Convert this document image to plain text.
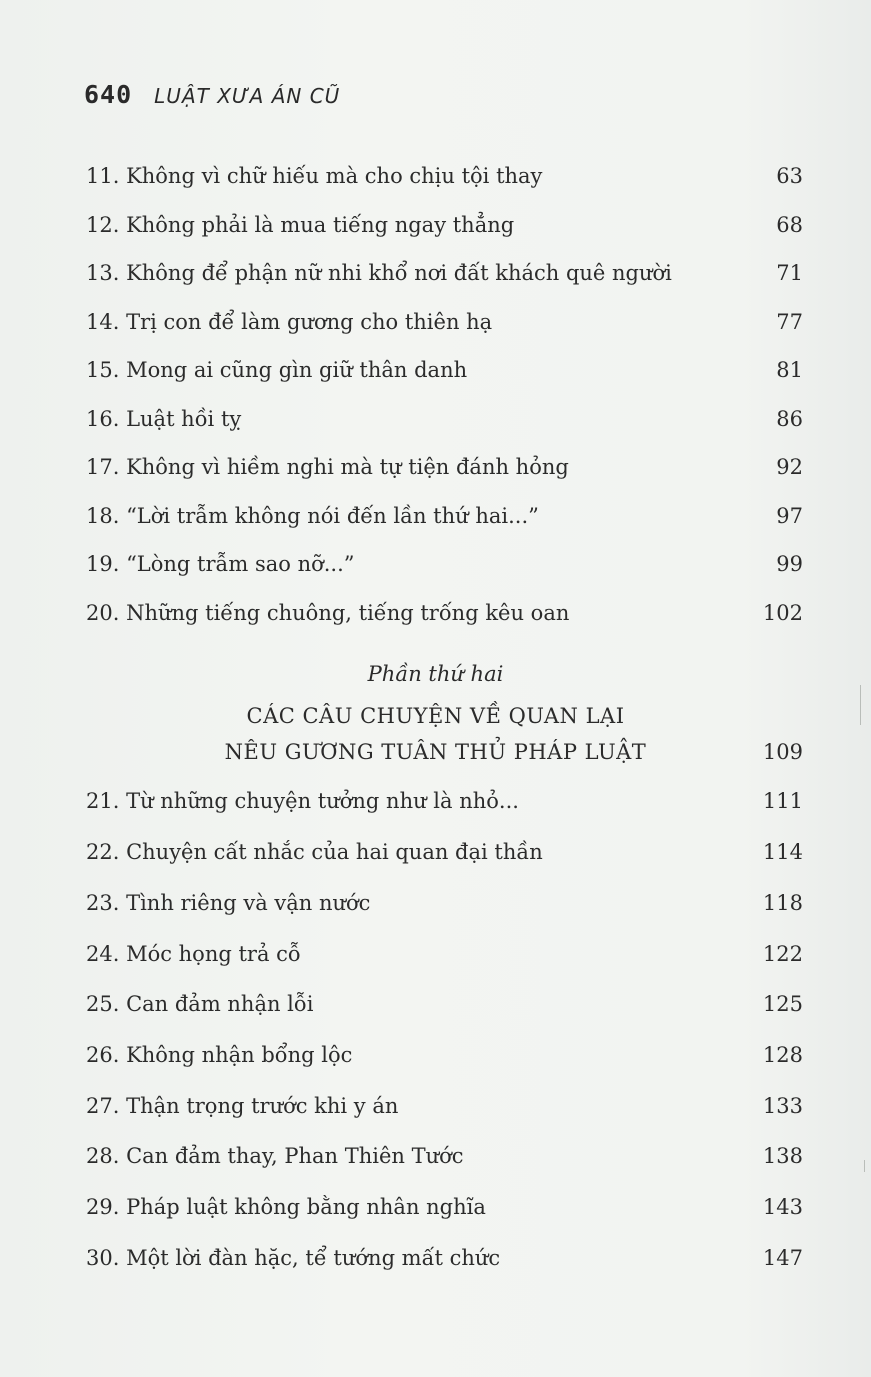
640 LUẬT XƯA ÁN CŨ
11. Không vì chữ hiếu mà cho chịu tội thay	63
12. Không phải là mua tiếng ngay thẳng	68
13. Không để phận nữ nhi khổ nơi đất khách quê người	71
14. Trị con để làm gương cho thiên hạ	77
15. Mong ai cũng gìn giữ thân danh	81
16. Luật hồi tỵ	86
17. Không vì hiềm nghi mà tự tiện đánh hỏng	92
18. “Lời trẫm không nói đến lần thứ hai...”	97
19. “Lòng trẫm sao nỡ...”	99
20. Những tiếng chuông, tiếng trống kêu oan	102
Phần thứ hai
CÁC CÂU CHUYỆN VỀ QUAN LẠI
NÊU GƯƠNG TUÂN THỦ PHÁP LUẬT	109
21. Từ những chuyện tưởng như là nhỏ...	111
22. Chuyện cất nhắc của hai quan đại thần	114
23. Tình riêng và vận nước	118
24. Móc họng trả cỗ	122
25. Can đảm nhận lỗi	125
26. Không nhận bổng lộc	128
27. Thận trọng trước khi y án	133
28. Can đảm thay, Phan Thiên Tước	138
29. Pháp luật không bằng nhân nghĩa	143
30. Một lời đàn hặc, tể tướng mất chức	147
